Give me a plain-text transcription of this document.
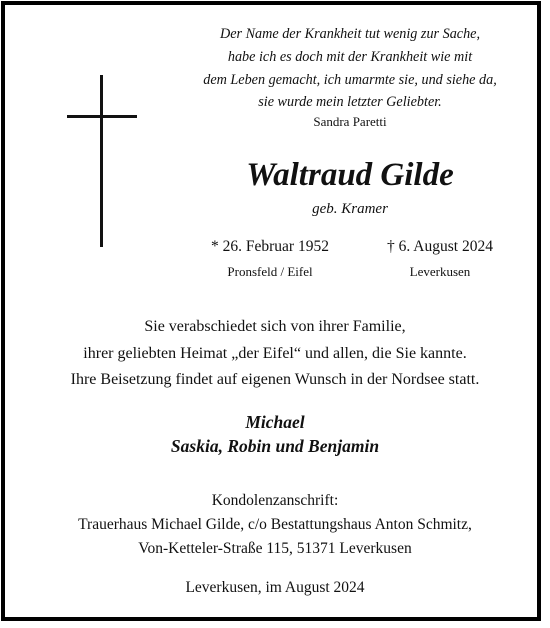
Der Name der Krankheit tut wenig zur Sache,
habe ich es doch mit der Krankheit wie mit
dem Leben gemacht, ich umarmte sie, und siehe da,
sie wurde mein letzter Geliebter.
Sandra Paretti
Waltraud Gilde
geb. Kramer
* 26. Februar 1952
Pronsfeld / Eifel
† 6. August 2024
Leverkusen
Sie verabschiedet sich von ihrer Familie,
ihrer geliebten Heimat „der Eifel“ und allen, die Sie kannte.
Ihre Beisetzung findet auf eigenen Wunsch in der Nordsee statt.
Michael
Saskia, Robin und Benjamin
Kondolenzanschrift:
Trauerhaus Michael Gilde, c/o Bestattungshaus Anton Schmitz,
Von-Ketteler-Straße 115, 51371 Leverkusen
Leverkusen, im August 2024
